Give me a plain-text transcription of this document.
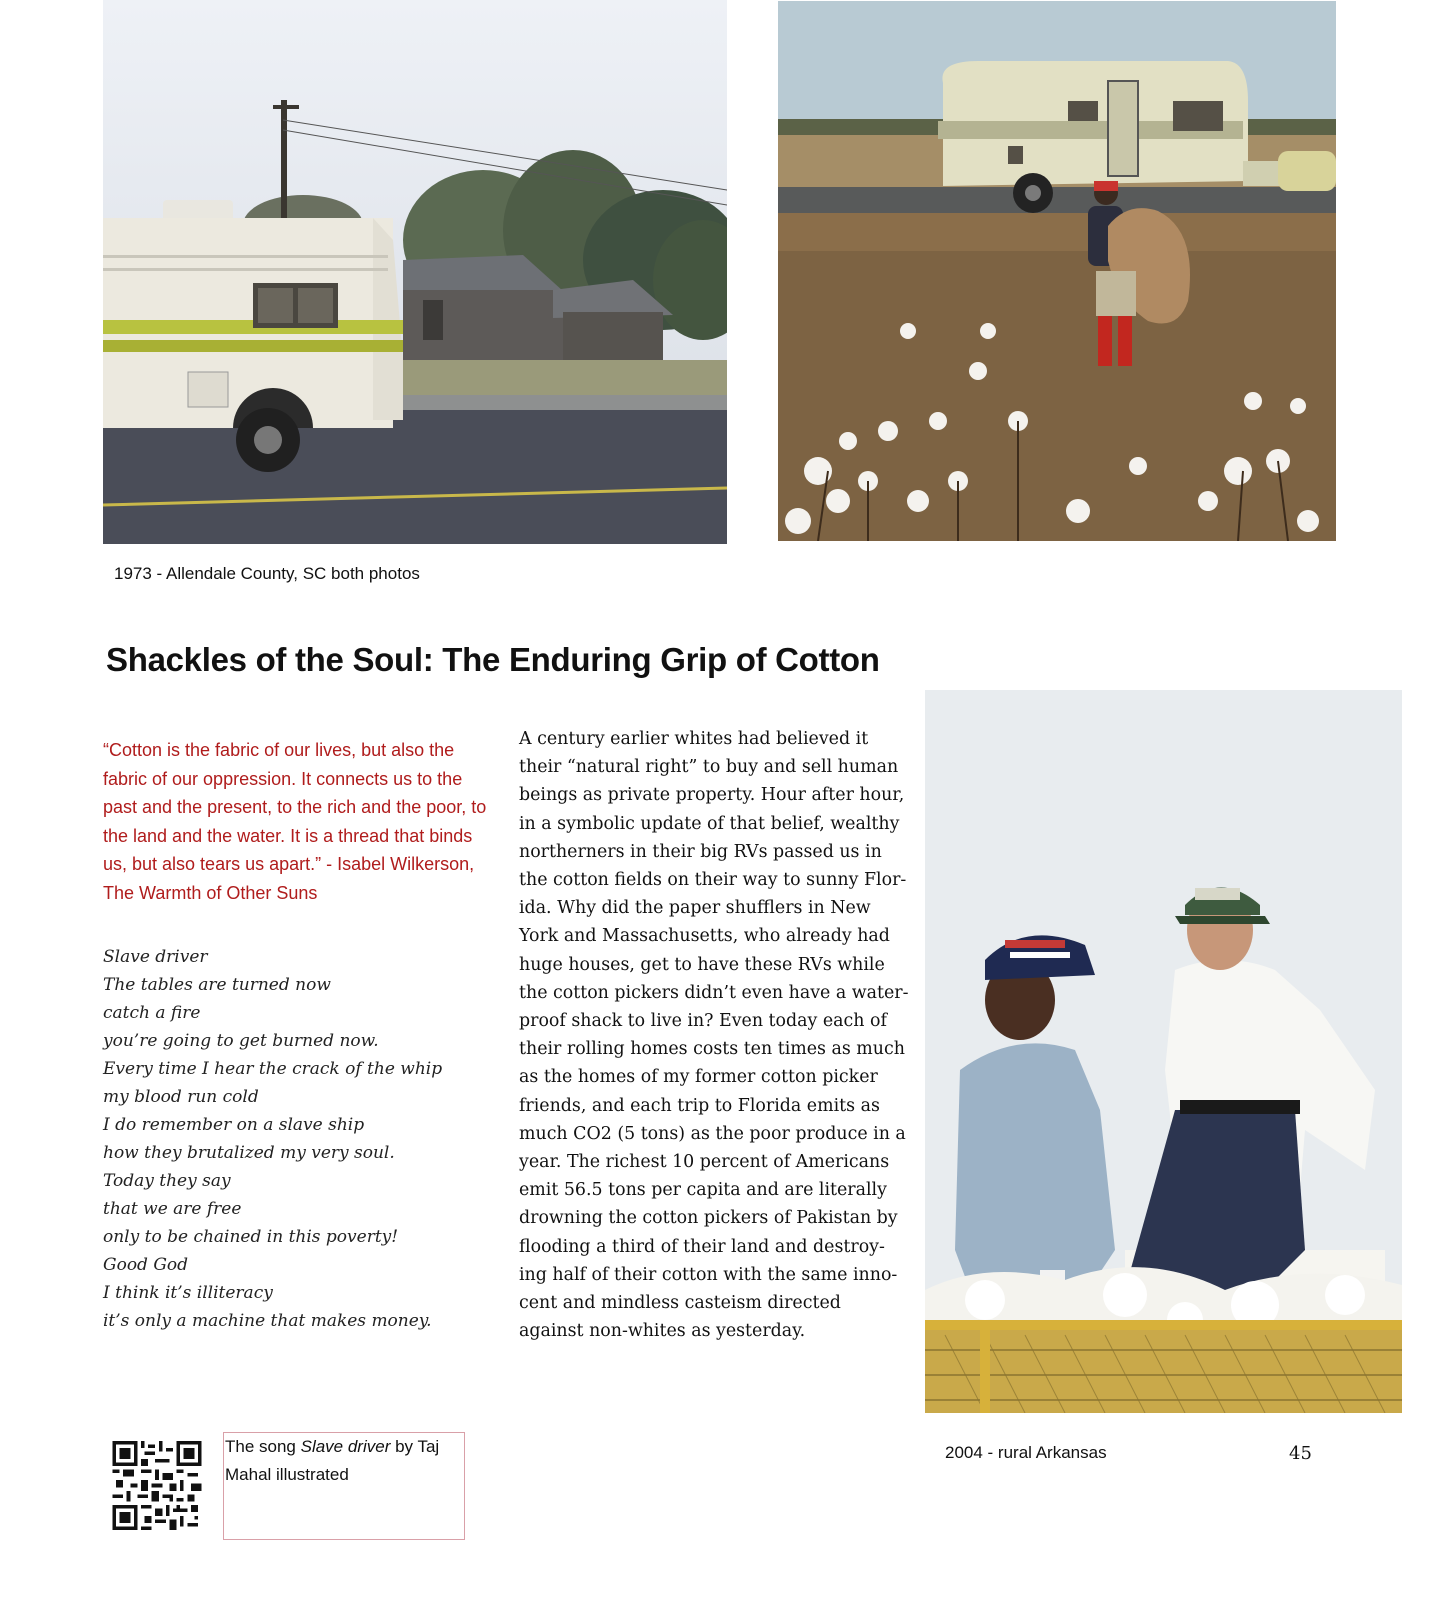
1973 - Allendale County, SC both photos
Shackles of the Soul: The Enduring Grip of Cotton
“Cotton is the fabric of our lives, but also the fabric of our oppression. It connects us to the past and the present, to the rich and the poor, to the land and the water. It is a thread that binds us, but also tears us apart.” - Isabel Wilkerson, The Warmth of Other Suns
Slave driver
The tables are turned now
catch a fire
you’re going to get burned now.
Every time I hear the crack of the whip
my blood run cold
I do remember on a slave ship
how they brutalized my very soul.
Today they say
that we are free
only to be chained in this poverty!
Good God
I think it’s illiteracy
it’s only a machine that makes money.
A century earlier whites had believed it
their “natural right” to buy and sell human
beings as private property. Hour after hour,
in a symbolic update of that belief, wealthy
northerners in their big RVs passed us in
the cotton fields on their way to sunny Flor-
ida. Why did the paper shufflers in New
York and Massachusetts, who already had
huge houses, get to have these RVs while
the cotton pickers didn’t even have a water-
proof shack to live in? Even today each of
their rolling homes costs ten times as much
as the homes of my former cotton picker
friends, and each trip to Florida emits as
much CO2 (5 tons) as the poor produce in a
year. The richest 10 percent of Americans
emit 56.5 tons per capita and are literally
drowning the cotton pickers of Pakistan by
flooding a third of their land and destroy-
ing half of their cotton with the same inno-
cent and mindless casteism directed
against non-whites as yesterday.
2004 - rural Arkansas	45
The song Slave driver by Taj Mahal illustrated
